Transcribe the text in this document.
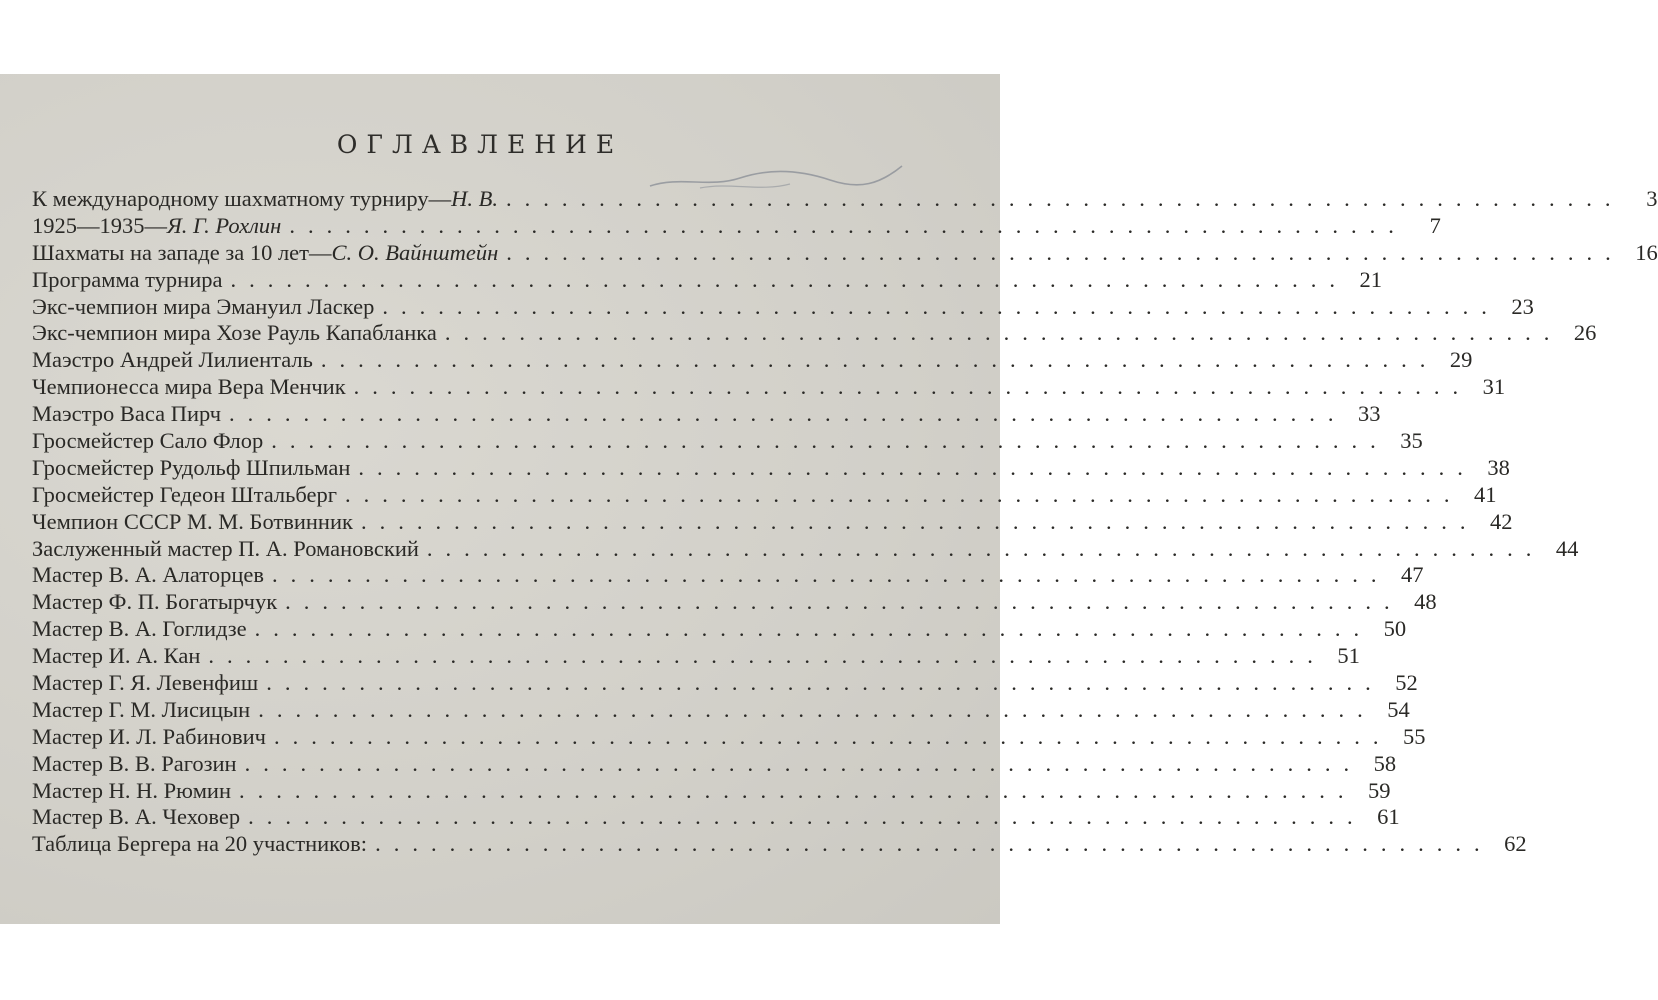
ОГЛАВЛЕНИЕ
К международному шахматному турниру— Н. В. ............................................................	3
1925—1935— Я. Г. Рохлин ............................................................	7
Шахматы на западе за 10 лет— С. О. Вайнштейн ............................................................ 16
Программа турнира ............................................................ 21
Экс-чемпион мира Эмануил Ласкер ............................................................ 23
Экс-чемпион мира Хозе Рауль Капабланка ............................................................ 26
Маэстро Андрей Лилиенталь ............................................................ 29
Чемпионесса мира Вера Менчик ............................................................ 31
Маэстро Васа Пирч ............................................................ 33
Гросмейстер Сало Флор ............................................................ 35
Гросмейстер Рудольф Шпильман ............................................................ 38
Гросмейстер Гедеон Штальберг ............................................................ 41
Чемпион СССР М. М. Ботвинник ............................................................ 42
Заслуженный мастер П. А. Романовский ............................................................ 44
Мастер В. А. Алаторцев ............................................................ 47
Мастер Ф. П. Богатырчук ............................................................ 48
Мастер В. А. Гоглидзе ............................................................ 50
Мастер И. А. Кан ............................................................ 51
Мастер Г. Я. Левенфиш ............................................................ 52
Мастер Г. М. Лисицын ............................................................ 54
Мастер И. Л. Рабинович ............................................................ 55
Мастер В. В. Рагозин ............................................................ 58
Мастер Н. Н. Рюмин ............................................................ 59
Мастер В. А. Чеховер ............................................................ 61
Таблица Бергера на 20 участников: ............................................................ 62
